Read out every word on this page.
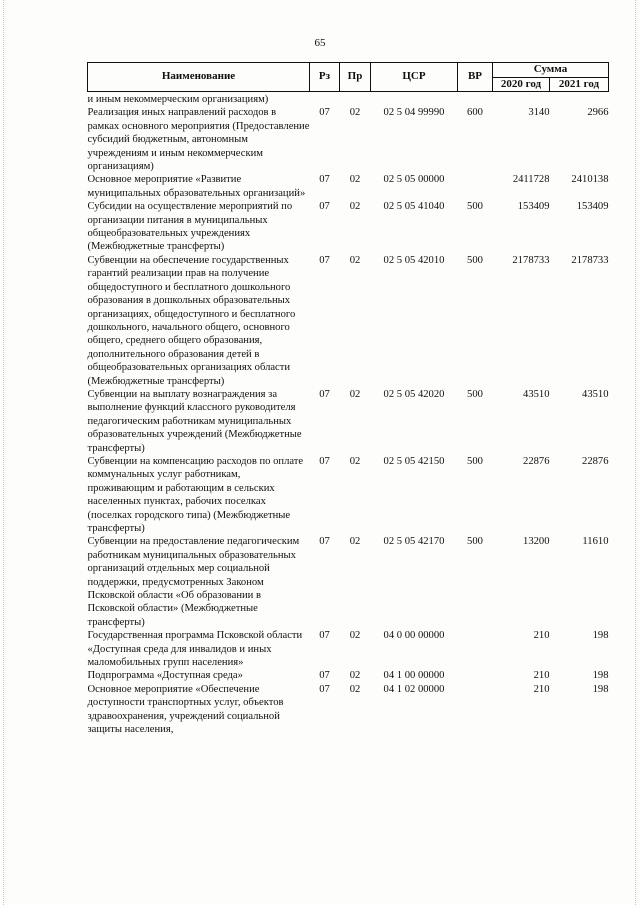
65
Наименование	Рз	Пр	ЦСР	ВР	Сумма	
					2020 год	2021 год
и иным некоммерческим организациям)						
Реализация иных направлений расходов в рамках основного мероприятия (Предоставление субсидий бюджетным, автономным учреждениям и иным некоммерческим организациям)	07	02	02 5 04 99990	600	3140	2966
Основное мероприятие «Развитие муниципальных образовательных организаций»	07	02	02 5 05 00000		2411728	2410138
Субсидии на осуществление мероприятий по организации питания в муниципальных общеобразовательных учреждениях (Межбюджетные трансферты)	07	02	02 5 05 41040	500	153409	153409
Субвенции на обеспечение государственных гарантий реализации прав на получение общедоступного и бесплатного дошкольного образования в дошкольных образовательных организациях, общедоступного и бесплатного дошкольного, начального общего, основного общего, среднего общего образования, дополнительного образования детей в общеобразовательных организациях области (Межбюджетные трансферты)	07	02	02 5 05 42010	500	2178733	2178733
Субвенции на выплату вознаграждения за выполнение функций классного руководителя педагогическим работникам муниципальных образовательных учреждений (Межбюджетные трансферты)	07	02	02 5 05 42020	500	43510	43510
Субвенции на компенсацию расходов по оплате коммунальных услуг работникам, проживающим и работающим в сельских населенных пунктах, рабочих поселках (поселках городского типа) (Межбюджетные трансферты)	07	02	02 5 05 42150	500	22876	22876
Субвенции на предоставление педагогическим работникам муниципальных образовательных организаций отдельных мер социальной поддержки, предусмотренных Законом Псковской области «Об образовании в Псковской области» (Межбюджетные трансферты)	07	02	02 5 05 42170	500	13200	11610
Государственная программа Псковской области «Доступная среда для инвалидов и иных маломобильных групп населения»	07	02	04 0 00 00000		210	198
Подпрограмма «Доступная среда»	07	02	04 1 00 00000		210	198
Основное мероприятие «Обеспечение доступности транспортных услуг, объектов здравоохранения, учреждений социальной защиты населения,	07	02	04 1 02 00000		210	198
